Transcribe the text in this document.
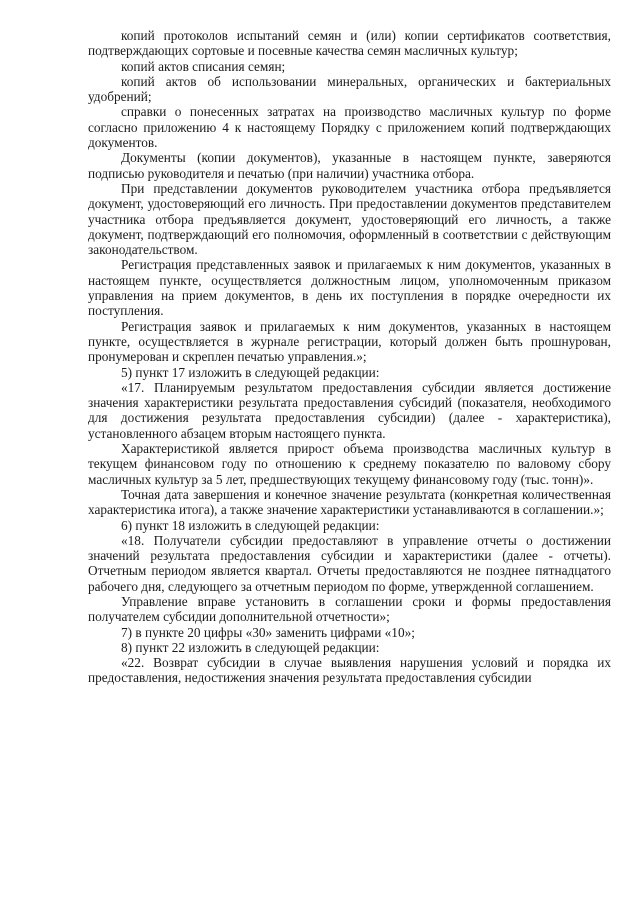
копий протоколов испытаний семян и (или) копии сертификатов соответствия, подтверждающих сортовые и посевные качества семян масличных культур;

копий актов списания семян;

копий актов об использовании минеральных, органических и бактериальных удобрений;

справки о понесенных затратах на производство масличных культур по форме согласно приложению 4 к настоящему Порядку с приложением копий подтверждающих документов.

Документы (копии документов), указанные в настоящем пункте, заверяются подписью руководителя и печатью (при наличии) участника отбора.

При представлении документов руководителем участника отбора предъявляется документ, удостоверяющий его личность. При предоставлении документов представителем участника отбора предъявляется документ, удостоверяющий его личность, а также документ, подтверждающий его полномочия, оформленный в соответствии с действующим законодательством.

Регистрация представленных заявок и прилагаемых к ним документов, указанных в настоящем пункте, осуществляется должностным лицом, уполномоченным приказом управления на прием документов, в день их поступления в порядке очередности их поступления.

Регистрация заявок и прилагаемых к ним документов, указанных в настоящем пункте, осуществляется в журнале регистрации, который должен быть прошнурован, пронумерован и скреплен печатью управления.»;

5) пункт 17 изложить в следующей редакции:

«17. Планируемым результатом предоставления субсидии является достижение значения характеристики результата предоставления субсидий (показателя, необходимого для достижения результата предоставления субсидии) (далее - характеристика), установленного абзацем вторым настоящего пункта.

Характеристикой является прирост объема производства масличных культур в текущем финансовом году по отношению к среднему показателю по валовому сбору масличных культур за 5 лет, предшествующих текущему финансовому году (тыс. тонн)».

Точная дата завершения и конечное значение результата (конкретная количественная характеристика итога), а также значение характеристики устанавливаются в соглашении.»;

6) пункт 18 изложить в следующей редакции:

«18. Получатели субсидии предоставляют в управление отчеты о достижении значений результата предоставления субсидии и характеристики (далее - отчеты). Отчетным периодом является квартал. Отчеты предоставляются не позднее пятнадцатого рабочего дня, следующего за отчетным периодом по форме, утвержденной соглашением.

Управление вправе установить в соглашении сроки и формы предоставления получателем субсидии дополнительной отчетности»;

7) в пункте 20 цифры «30» заменить цифрами «10»;

8) пункт 22 изложить в следующей редакции:

«22. Возврат субсидии в случае выявления нарушения условий и порядка их предоставления, недостижения значения результата предоставления субсидии
